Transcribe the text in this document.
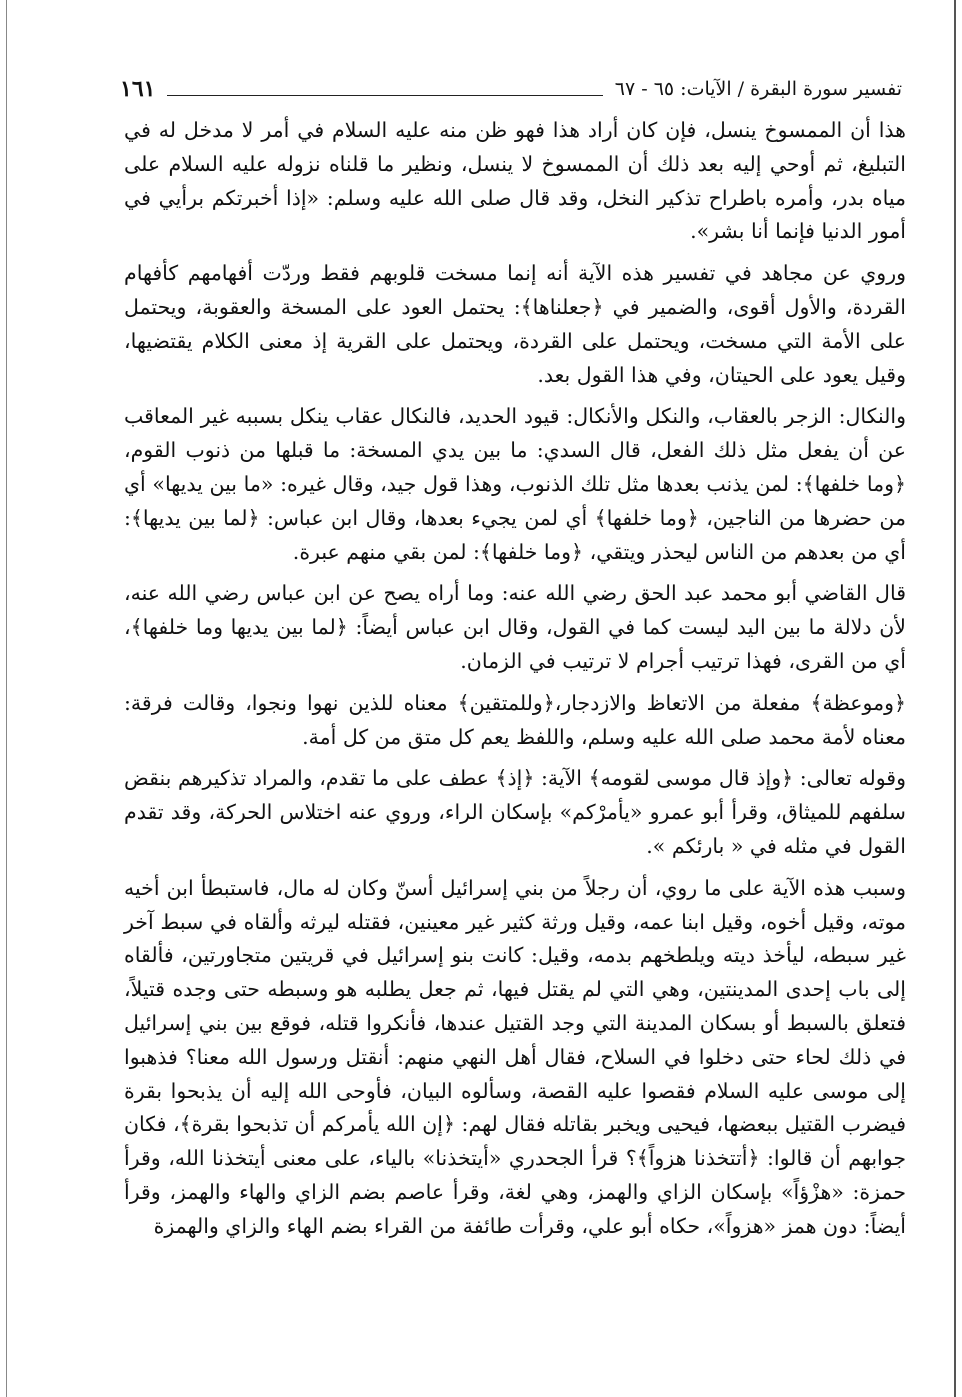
تفسير سورة البقرة / الآيات: ٦٥ - ٦٧
١٦١

هذا أن الممسوخ ينسل، فإن كان أراد هذا فهو ظن منه عليه السلام في أمر لا مدخل له في التبليغ، ثم أوحي إليه بعد ذلك أن الممسوخ لا ينسل، ونظير ما قلناه نزوله عليه السلام على مياه بدر، وأمره باطراح تذكير النخل، وقد قال صلى الله عليه وسلم: «إذا أخبرتكم برأيي في أمور الدنيا فإنما أنا بشر».

وروي عن مجاهد في تفسير هذه الآية أنه إنما مسخت قلوبهم فقط وردّت أفهامهم كأفهام القردة، والأول أقوى، والضمير في ﴿جعلناها﴾: يحتمل العود على المسخة والعقوبة، ويحتمل على الأمة التي مسخت، ويحتمل على القردة، ويحتمل على القرية إذ معنى الكلام يقتضيها، وقيل يعود على الحيتان، وفي هذا القول بعد.

والنكال: الزجر بالعقاب، والنكل والأنكال: قيود الحديد، فالنكال عقاب ينكل بسببه غير المعاقب عن أن يفعل مثل ذلك الفعل، قال السدي: ما بين يدي المسخة: ما قبلها من ذنوب القوم، ﴿وما خلفها﴾: لمن يذنب بعدها مثل تلك الذنوب، وهذا قول جيد، وقال غيره: «ما بين يديها» أي من حضرها من الناجين، ﴿وما خلفها﴾ أي لمن يجيء بعدها، وقال ابن عباس: ﴿لما بين يديها﴾: أي من بعدهم من الناس ليحذر ويتقي، ﴿وما خلفها﴾: لمن بقي منهم عبرة.

قال القاضي أبو محمد عبد الحق رضي الله عنه: وما أراه يصح عن ابن عباس رضي الله عنه، لأن دلالة ما بين اليد ليست كما في القول، وقال ابن عباس أيضاً: ﴿لما بين يديها وما خلفها﴾، أي من القرى، فهذا ترتيب أجرام لا ترتيب في الزمان.

﴿وموعظة﴾ مفعلة من الاتعاظ والازدجار،﴿وللمتقين﴾ معناه للذين نهوا ونجوا، وقالت فرقة: معناه لأمة محمد صلى الله عليه وسلم، واللفظ يعم كل متق من كل أمة.

وقوله تعالى: ﴿وإذ قال موسى لقومه﴾ الآية: ﴿إذ﴾ عطف على ما تقدم، والمراد تذكيرهم بنقض سلفهم للميثاق، وقرأ أبو عمرو «يأمرْكم» بإسكان الراء، وروي عنه اختلاس الحركة، وقد تقدم القول في مثله في « بارئكم ».

وسبب هذه الآية على ما روي، أن رجلاً من بني إسرائيل أسنّ وكان له مال، فاستبطأ ابن أخيه موته، وقيل أخوه، وقيل ابنا عمه، وقيل ورثة كثير غير معينين، فقتله ليرثه وألقاه في سبط آخر غير سبطه، ليأخذ ديته ويلطخهم بدمه، وقيل: كانت بنو إسرائيل في قريتين متجاورتين، فألقاه إلى باب إحدى المدينتين، وهي التي لم يقتل فيها، ثم جعل يطلبه هو وسبطه حتى وجده قتيلاً، فتعلق بالسبط أو بسكان المدينة التي وجد القتيل عندها، فأنكروا قتله، فوقع بين بني إسرائيل في ذلك لحاء حتى دخلوا في السلاح، فقال أهل النهي منهم: أنقتل ورسول الله معنا؟ فذهبوا إلى موسى عليه السلام فقصوا عليه القصة، وسألوه البيان، فأوحى الله إليه أن يذبحوا بقرة فيضرب القتيل ببعضها، فيحيى ويخبر بقاتله فقال لهم: ﴿إن الله يأمركم أن تذبحوا بقرة﴾، فكان جوابهم أن قالوا: ﴿أتتخذنا هزواً﴾؟ قرأ الجحدري «أيتخذنا» بالياء، على معنى أيتخذنا الله، وقرأ حمزة: «هزْؤاً» بإسكان الزاي والهمز، وهي لغة، وقرأ عاصم بضم الزاي والهاء والهمز، وقرأ أيضاً: دون همز «هزواً»، حكاه أبو علي، وقرأت طائفة من القراء بضم الهاء والزاي والهمزة
